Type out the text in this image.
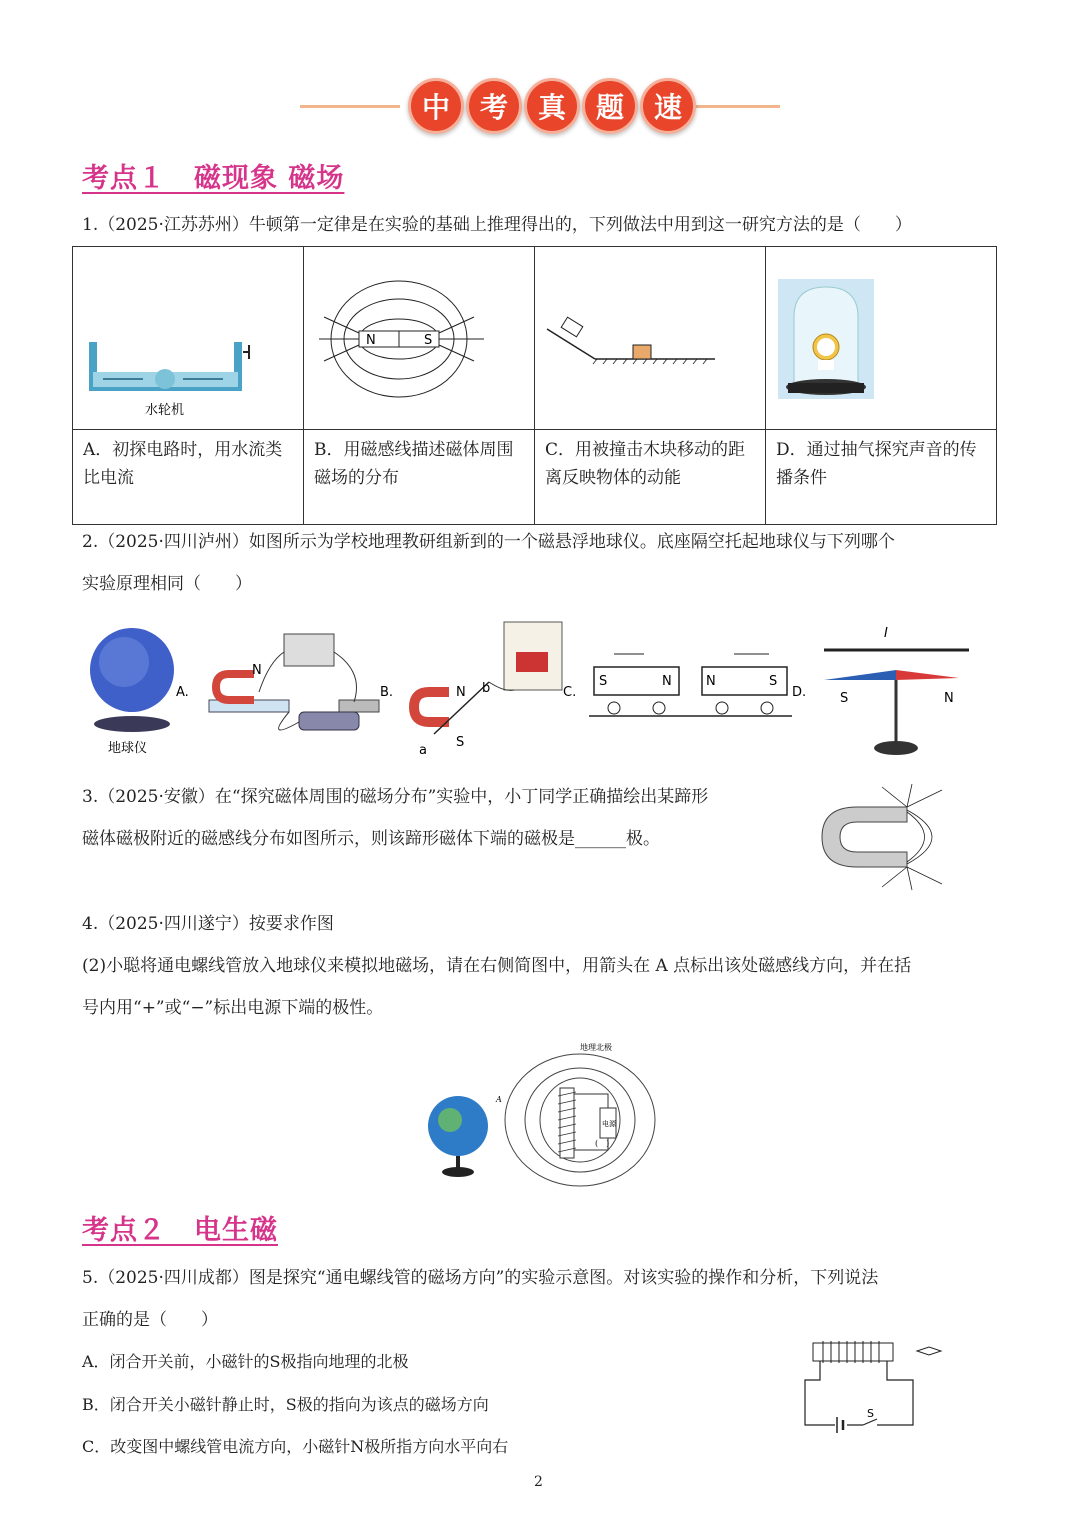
中	考	真	题	速
考点１　磁现象 磁场
1.（2025·江苏苏州）牛顿第一定律是在实验的基础上推理得出的，下列做法中用到这一研究方法的是（　　）
水轮机	N S

A．初探电路时，用水流类比电流	B．用磁感线描述磁体周围磁场的分布	C．用被撞击木块移动的距离反映物体的动能	D．通过抽气探究声音的传播条件
2.（2025·四川泸州）如图所示为学校地理教研组新到的一个磁悬浮地球仪。底座隔空托起地球仪与下列哪个
实验原理相同（　　）
地球仪
A.
N
B.	N
S
a
b	C.
S	N	N	S
D.
I
S	N
3.（2025·安徽）在“探究磁体周围的磁场分布”实验中，小丁同学正确描绘出某蹄形
磁体磁极附近的磁感线分布如图所示，则该蹄形磁体下端的磁极是______极。
4.（2025·四川遂宁）按要求作图
(2)小聪将通电螺线管放入地球仪来模拟地磁场，请在右侧简图中，用箭头在 A 点标出该处磁感线方向，并在括
号内用“+”或“−”标出电源下端的极性。
地理北极
A
电源
(　)
考点２　电生磁
5.（2025·四川成都）图是探究“通电螺线管的磁场方向”的实验示意图。对该实验的操作和分析，下列说法
正确的是（　　）
A．闭合开关前，小磁针的S极指向地理的北极
B．闭合开关小磁针静止时，S极的指向为该点的磁场方向
C．改变图中螺线管电流方向，小磁针N极所指方向水平向右
S
2
